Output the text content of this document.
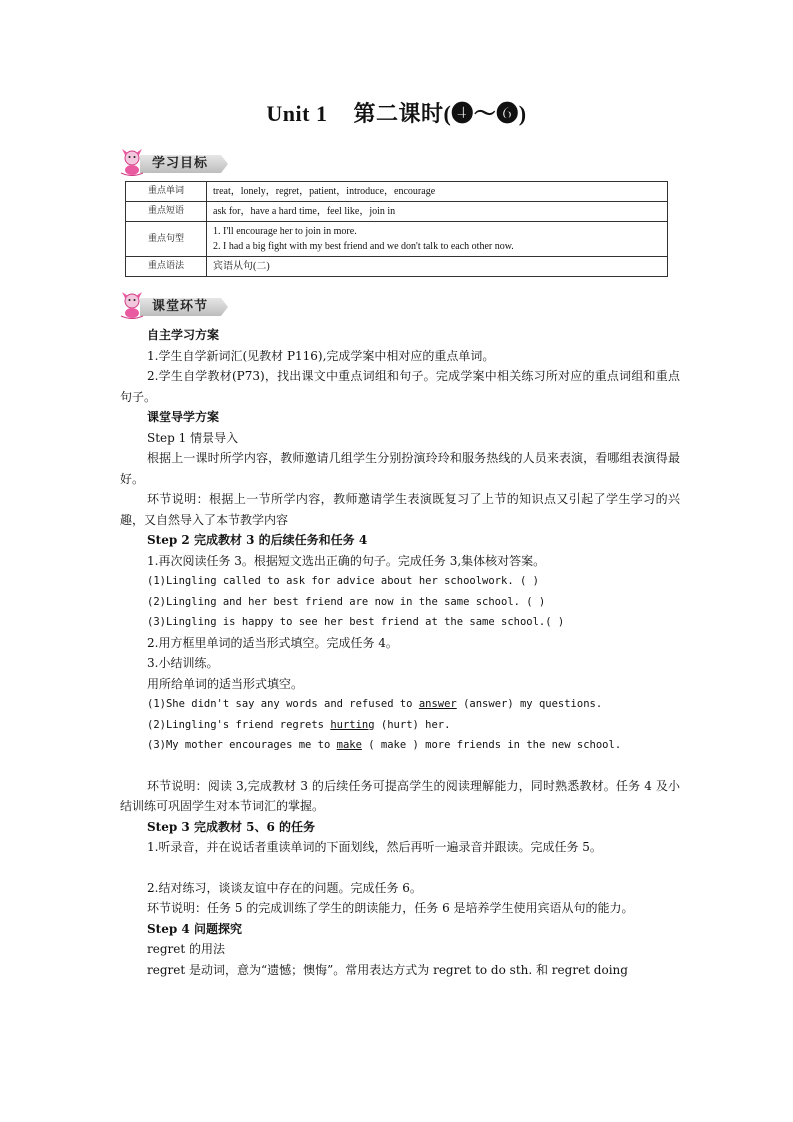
Unit 1 第二课时(❹～❻)
学习目标
重点单词	treat，lonely，regret，patient，introduce，encourage
重点短语	ask for，have a hard time，feel like，join in
重点句型	1. I'll encourage her to join in more.
2. I had a big fight with my best friend and we don't talk to each other now.

重点语法	宾语从句(二)
课堂环节

自主学习方案

1.学生自学新词汇(见教材 P116),完成学案中相对应的重点单词。

2.学生自学教材(P73)，找出课文中重点词组和句子。完成学案中相关练习所对应的重点词组和重点句子。

课堂导学方案

Step 1 情景导入

根据上一课时所学内容，教师邀请几组学生分别扮演玲玲和服务热线的人员来表演，看哪组表演得最好。

环节说明：根据上一节所学内容，教师邀请学生表演既复习了上节的知识点又引起了学生学习的兴趣，又自然导入了本节教学内容

Step 2 完成教材 3 的后续任务和任务 4

1.再次阅读任务 3。根据短文选出正确的句子。完成任务 3,集体核对答案。

(1)Lingling called to ask for advice about her schoolwork. ( )

(2)Lingling and her best friend are now in the same school. ( )

(3)Lingling is happy to see her best friend at the same school.( )

2.用方框里单词的适当形式填空。完成任务 4。

3.小结训练。

用所给单词的适当形式填空。

(1)She didn't say any words and refused to answer (answer) my questions.

(2)Lingling's friend regrets hurting (hurt) her.

(3)My mother encourages me to make ( make ) more friends in the new school.

环节说明：阅读 3,完成教材 3 的后续任务可提高学生的阅读理解能力，同时熟悉教材。任务 4 及小结训练可巩固学生对本节词汇的掌握。

Step 3 完成教材 5、6 的任务

1.听录音，并在说话者重读单词的下面划线，然后再听一遍录音并跟读。完成任务 5。

2.结对练习，谈谈友谊中存在的问题。完成任务 6。

环节说明：任务 5 的完成训练了学生的朗读能力，任务 6 是培养学生使用宾语从句的能力。

Step 4 问题探究

regret 的用法

regret 是动词，意为“遗憾；懊悔”。常用表达方式为 regret to do sth. 和 regret doing
